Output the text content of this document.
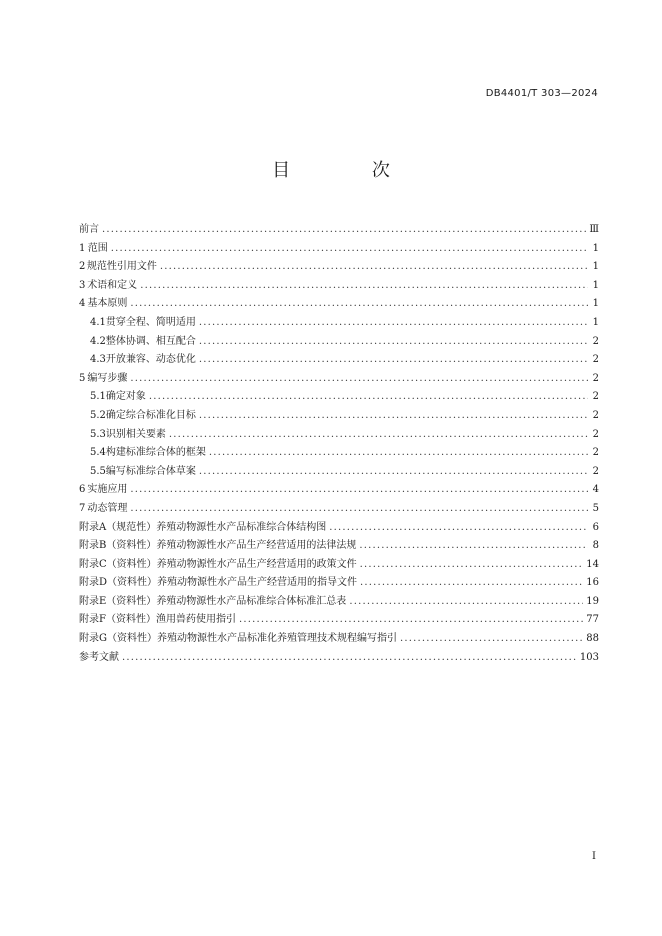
DB4401/T 303—2024
目 次
前言 .....	Ⅲ
1 范围 .....	1
2 规范性引用文件 .....	1
3 术语和定义 .....	1
4 基本原则 .....	1
4.1 贯穿全程、简明适用 .....	1
4.2 整体协调、相互配合 .....	2
4.3 开放兼容、动态优化 .....	2
5 编写步骤 .....	2
5.1 确定对象 .....	2
5.2 确定综合标准化目标 .....	2
5.3 识别相关要素 .....	2
5.4 构建标准综合体的框架 .....	2
5.5 编写标准综合体草案 .....	2
6 实施应用 .....	4
7 动态管理 .....	5
附录A（规范性） 养殖动物源性水产品标准综合体结构图 .....	6
附录B（资料性） 养殖动物源性水产品生产经营适用的法律法规 .....	8
附录C（资料性） 养殖动物源性水产品生产经营适用的政策文件 .....	14
附录D（资料性） 养殖动物源性水产品生产经营适用的指导文件 .....	16
附录E（资料性） 养殖动物源性水产品标准综合体标准汇总表 .....	19
附录F（资料性） 渔用兽药使用指引 .....	77
附录G（资料性） 养殖动物源性水产品标准化养殖管理技术规程编写指引 .....	88
参考文献 .....	103
I
